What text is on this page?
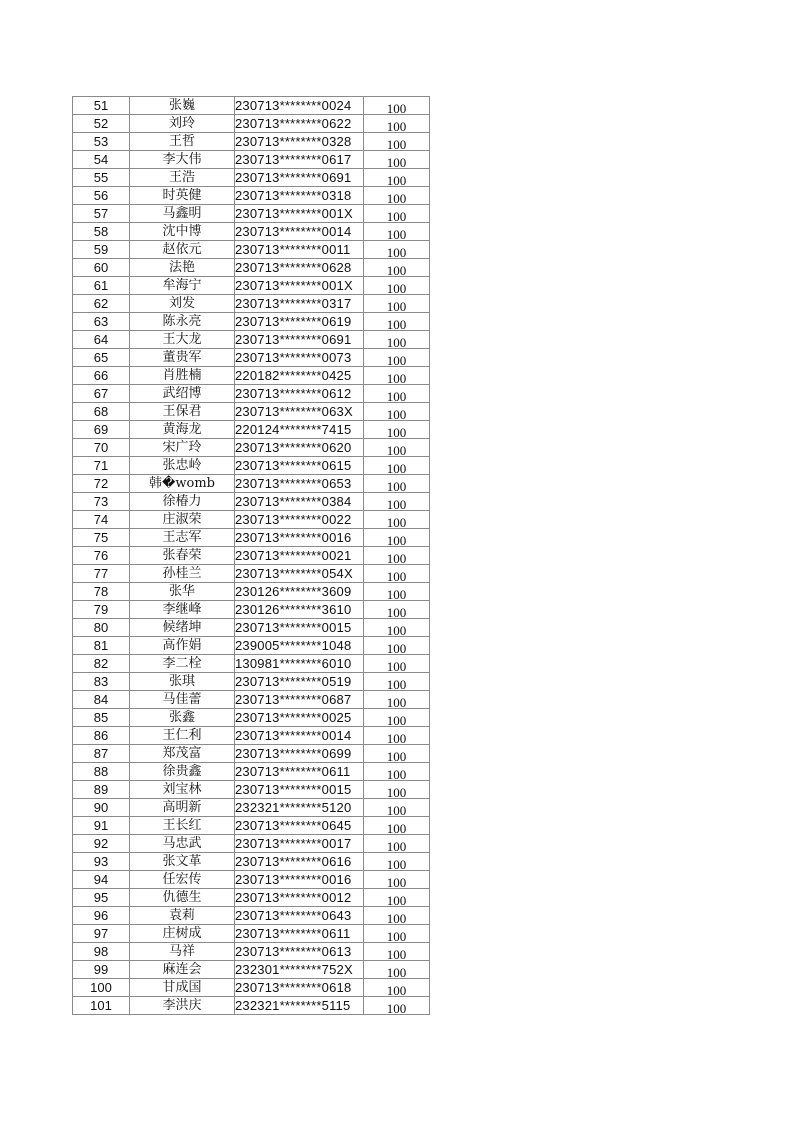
51	张巍	230713********0024	100
52	刘玲	230713********0622	100
53	王哲	230713********0328	100
54	李大伟	230713********0617	100
55	王浩	230713********0691	100
56	时英健	230713********0318	100
57	马鑫明	230713********001X	100
58	沈中博	230713********0014	100
59	赵依元	230713********0011	100
60	法艳	230713********0628	100
61	牟海宁	230713********001X	100
62	刘发	230713********0317	100
63	陈永亮	230713********0619	100
64	王大龙	230713********0691	100
65	董贵军	230713********0073	100
66	肖胜楠	220182********0425	100
67	武绍博	230713********0612	100
68	王保君	230713********063X	100
69	黄海龙	220124********7415	100
70	宋广玲	230713********0620	100
71	张忠岭	230713********0615	100
72	韩�womb	230713********0653	100
73	徐椿力	230713********0384	100
74	庄淑荣	230713********0022	100
75	王志军	230713********0016	100
76	张春荣	230713********0021	100
77	孙桂兰	230713********054X	100
78	张华	230126********3609	100
79	李继峰	230126********3610	100
80	候绪坤	230713********0015	100
81	高作娟	239005********1048	100
82	李二栓	130981********6010	100
83	张琪	230713********0519	100
84	马佳蕾	230713********0687	100
85	张鑫	230713********0025	100
86	王仁利	230713********0014	100
87	郑茂富	230713********0699	100
88	徐贵鑫	230713********0611	100
89	刘宝林	230713********0015	100
90	高明新	232321********5120	100
91	王长红	230713********0645	100
92	马忠武	230713********0017	100
93	张文革	230713********0616	100
94	任宏传	230713********0016	100
95	仇德生	230713********0012	100
96	袁莉	230713********0643	100
97	庄树成	230713********0611	100
98	马祥	230713********0613	100
99	麻连会	232301********752X	100
100	甘成国	230713********0618	100
101	李洪庆	232321********5115	100
